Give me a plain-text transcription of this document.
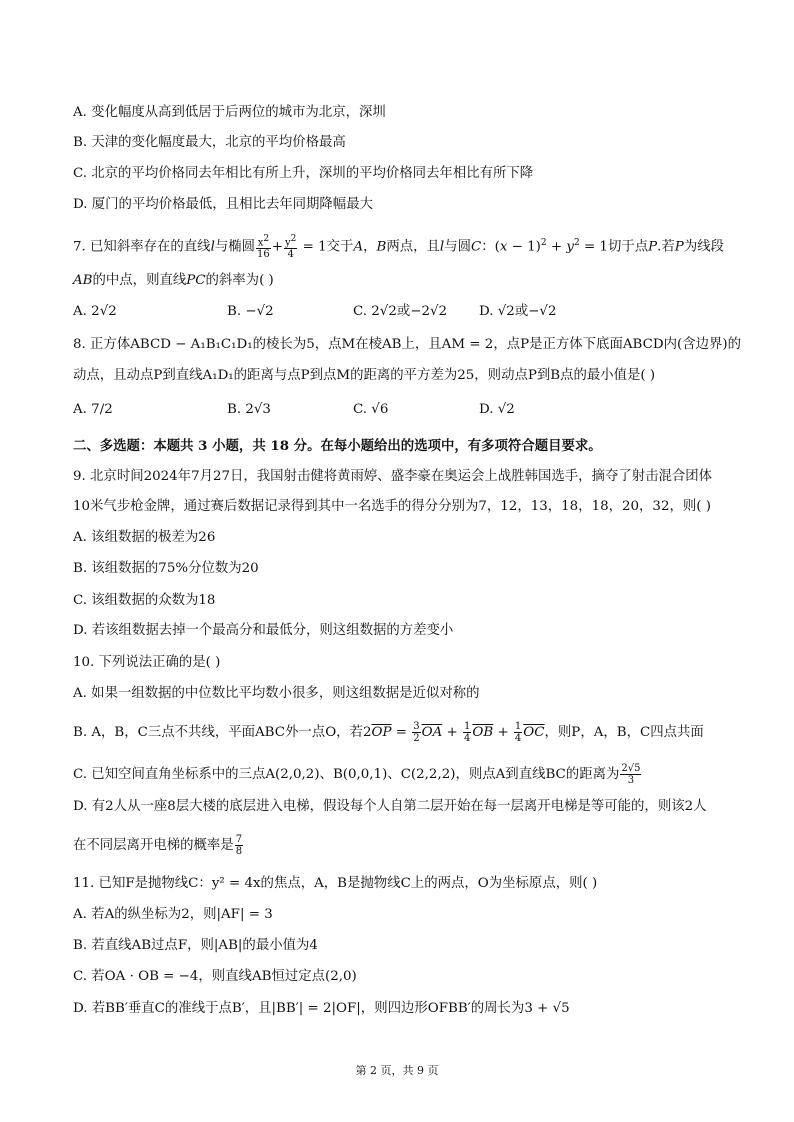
A. 变化幅度从高到低居于后两位的城市为北京，深圳
B. 天津的变化幅度最大，北京的平均价格最高
C. 北京的平均价格同去年相比有所上升，深圳的平均价格同去年相比有所下降
D. 厦门的平均价格最低，且相比去年同期降幅最大
7. 已知斜率存在的直线l与椭圆 $\frac{x^2}{16} + \frac{y^2}{4} = 1$交于A，B两点，且l与圆C：$(x - 1)^2 + y^2 = 1$切于点P.若P为线段
AB的中点，则直线PC的斜率为( )
A. 2√2	B. −√2	C. 2√2或−2√2 D. √2或−√2
8. 正方体ABCD − A₁B₁C₁D₁的棱长为5，点M在棱AB上，且AM = 2，点P是正方体下底面ABCD内(含边界)的
动点，且动点P到直线A₁D₁的距离与点P到点M的距离的平方差为25，则动点P到B点的最小值是( )
A. 7/2	B. 2√3	C. √6	D. √2
二、多选题：本题共 3 小题，共 18 分。在每小题给出的选项中，有多项符合题目要求。
9. 北京时间2024年7月27日，我国射击健将黄雨婷、盛李豪在奥运会上战胜韩国选手，摘夺了射击混合团体
10米气步枪金牌，通过赛后数据记录得到其中一名选手的得分分别为7，12，13，18，18，20，32，则( )
A. 该组数据的极差为26
B. 该组数据的75%分位数为20
C. 该组数据的众数为18
D. 若该组数据去掉一个最高分和最低分，则这组数据的方差变小
10. 下列说法正确的是( )
A. 如果一组数据的中位数比平均数小很多，则这组数据是近似对称的
B. A，B，C三点不共线，平面ABC外一点O，若$2\overline{OP} = \frac{3}{2} \overline{OA} + \frac{1}{4} \overline{OB} + \frac{1}{4} \overline{OC}$，则P，A，B，C四点共面
C. 已知空间直角坐标系中的三点A(2,0,2)、B(0,0,1)、C(2,2,2)，则点A到直线BC的距离为 $\frac{2√5}{3}$
D. 有2人从一座8层大楼的底层进入电梯，假设每个人自第二层开始在每一层离开电梯是等可能的，则该2人
在不同层离开电梯的概率是 $\frac{7}{8}$
11. 已知F是抛物线C：y² = 4x的焦点，A，B是抛物线C上的两点，O为坐标原点，则( )
A. 若A的纵坐标为2，则|AF| = 3
B. 若直线AB过点F，则|AB|的最小值为4
C. 若OA · OB = −4，则直线AB恒过定点(2,0)
D. 若BB′垂直C的准线于点B′，且|BB′| = 2|OF|，则四边形OFBB′的周长为3 + √5
第 2 页，共 9 页
